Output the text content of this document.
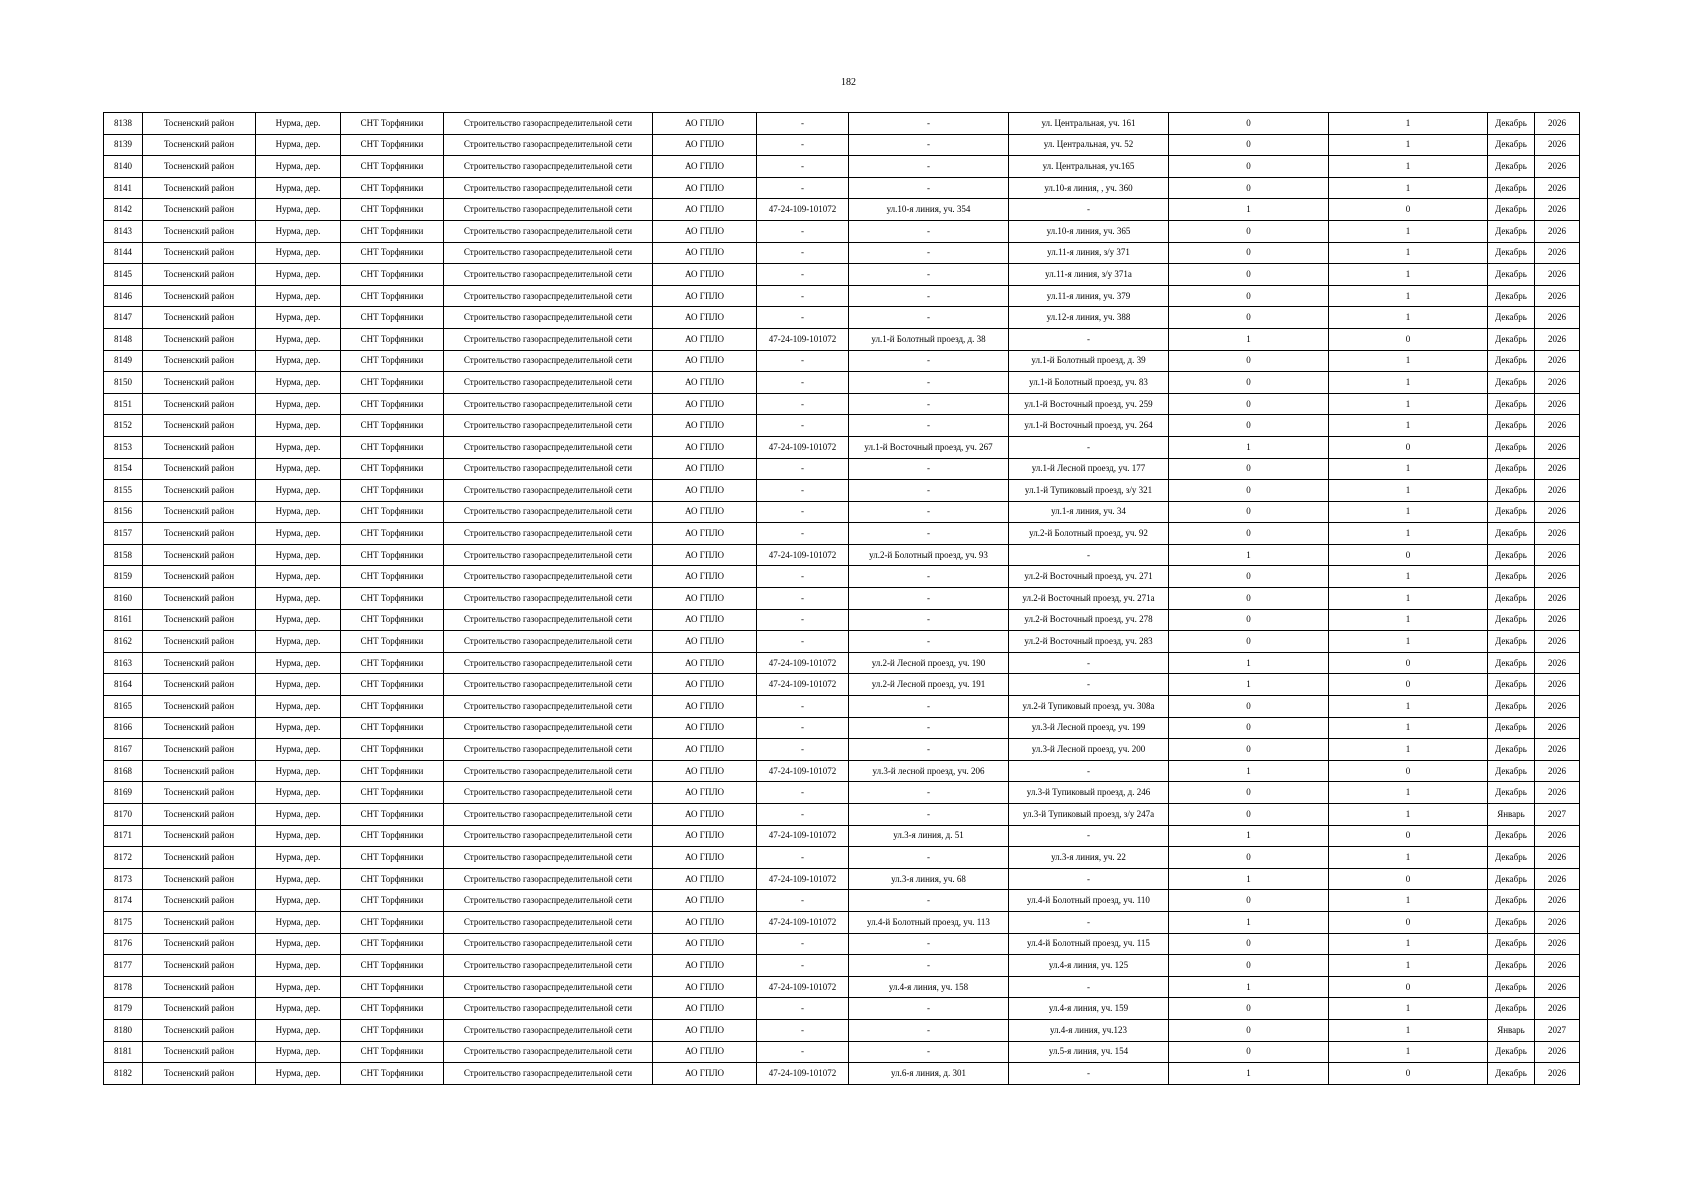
182
8138	Тосненский район	Нурма, дер.	СНТ Торфяники	Строительство газораспределительной сети	АО ГПЛО	-	-	ул. Центральная, уч. 161	0	1	Декабрь	2026
8139	Тосненский район	Нурма, дер.	СНТ Торфяники	Строительство газораспределительной сети	АО ГПЛО	-	-	ул. Центральная, уч. 52	0	1	Декабрь	2026
8140	Тосненский район	Нурма, дер.	СНТ Торфяники	Строительство газораспределительной сети	АО ГПЛО	-	-	ул. Центральная, уч.165	0	1	Декабрь	2026
8141	Тосненский район	Нурма, дер.	СНТ Торфяники	Строительство газораспределительной сети	АО ГПЛО	-	-	ул.10-я линия, , уч. 360	0	1	Декабрь	2026
8142	Тосненский район	Нурма, дер.	СНТ Торфяники	Строительство газораспределительной сети	АО ГПЛО	47-24-109-101072	ул.10-я линия, уч. 354	-	1	0	Декабрь	2026
8143	Тосненский район	Нурма, дер.	СНТ Торфяники	Строительство газораспределительной сети	АО ГПЛО	-	-	ул.10-я линия, уч. 365	0	1	Декабрь	2026
8144	Тосненский район	Нурма, дер.	СНТ Торфяники	Строительство газораспределительной сети	АО ГПЛО	-	-	ул.11-я линия, з/у 371	0	1	Декабрь	2026
8145	Тосненский район	Нурма, дер.	СНТ Торфяники	Строительство газораспределительной сети	АО ГПЛО	-	-	ул.11-я линия, з/у 371а	0	1	Декабрь	2026
8146	Тосненский район	Нурма, дер.	СНТ Торфяники	Строительство газораспределительной сети	АО ГПЛО	-	-	ул.11-я линия, уч. 379	0	1	Декабрь	2026
8147	Тосненский район	Нурма, дер.	СНТ Торфяники	Строительство газораспределительной сети	АО ГПЛО	-	-	ул.12-я линия, уч. 388	0	1	Декабрь	2026
8148	Тосненский район	Нурма, дер.	СНТ Торфяники	Строительство газораспределительной сети	АО ГПЛО	47-24-109-101072	ул.1-й Болотный проезд, д. 38	-	1	0	Декабрь	2026
8149	Тосненский район	Нурма, дер.	СНТ Торфяники	Строительство газораспределительной сети	АО ГПЛО	-	-	ул.1-й Болотный проезд, д. 39	0	1	Декабрь	2026
8150	Тосненский район	Нурма, дер.	СНТ Торфяники	Строительство газораспределительной сети	АО ГПЛО	-	-	ул.1-й Болотный проезд, уч. 83	0	1	Декабрь	2026
8151	Тосненский район	Нурма, дер.	СНТ Торфяники	Строительство газораспределительной сети	АО ГПЛО	-	-	ул.1-й Восточный проезд, уч. 259	0	1	Декабрь	2026
8152	Тосненский район	Нурма, дер.	СНТ Торфяники	Строительство газораспределительной сети	АО ГПЛО	-	-	ул.1-й Восточный проезд, уч. 264	0	1	Декабрь	2026
8153	Тосненский район	Нурма, дер.	СНТ Торфяники	Строительство газораспределительной сети	АО ГПЛО	47-24-109-101072	ул.1-й Восточный проезд, уч. 267	-	1	0	Декабрь	2026
8154	Тосненский район	Нурма, дер.	СНТ Торфяники	Строительство газораспределительной сети	АО ГПЛО	-	-	ул.1-й Лесной проезд, уч. 177	0	1	Декабрь	2026
8155	Тосненский район	Нурма, дер.	СНТ Торфяники	Строительство газораспределительной сети	АО ГПЛО	-	-	ул.1-й Тупиковый проезд, з/у 321	0	1	Декабрь	2026
8156	Тосненский район	Нурма, дер.	СНТ Торфяники	Строительство газораспределительной сети	АО ГПЛО	-	-	ул.1-я линия, уч. 34	0	1	Декабрь	2026
8157	Тосненский район	Нурма, дер.	СНТ Торфяники	Строительство газораспределительной сети	АО ГПЛО	-	-	ул.2-й Болотный проезд, уч. 92	0	1	Декабрь	2026
8158	Тосненский район	Нурма, дер.	СНТ Торфяники	Строительство газораспределительной сети	АО ГПЛО	47-24-109-101072	ул.2-й Болотный проезд, уч. 93	-	1	0	Декабрь	2026
8159	Тосненский район	Нурма, дер.	СНТ Торфяники	Строительство газораспределительной сети	АО ГПЛО	-	-	ул.2-й Восточный проезд, уч. 271	0	1	Декабрь	2026
8160	Тосненский район	Нурма, дер.	СНТ Торфяники	Строительство газораспределительной сети	АО ГПЛО	-	-	ул.2-й Восточный проезд, уч. 271а	0	1	Декабрь	2026
8161	Тосненский район	Нурма, дер.	СНТ Торфяники	Строительство газораспределительной сети	АО ГПЛО	-	-	ул.2-й Восточный проезд, уч. 278	0	1	Декабрь	2026
8162	Тосненский район	Нурма, дер.	СНТ Торфяники	Строительство газораспределительной сети	АО ГПЛО	-	-	ул.2-й Восточный проезд, уч. 283	0	1	Декабрь	2026
8163	Тосненский район	Нурма, дер.	СНТ Торфяники	Строительство газораспределительной сети	АО ГПЛО	47-24-109-101072	ул.2-й Лесной проезд, уч. 190	-	1	0	Декабрь	2026
8164	Тосненский район	Нурма, дер.	СНТ Торфяники	Строительство газораспределительной сети	АО ГПЛО	47-24-109-101072	ул.2-й Лесной проезд, уч. 191	-	1	0	Декабрь	2026
8165	Тосненский район	Нурма, дер.	СНТ Торфяники	Строительство газораспределительной сети	АО ГПЛО	-	-	ул.2-й Тупиковый проезд, уч. 308а	0	1	Декабрь	2026
8166	Тосненский район	Нурма, дер.	СНТ Торфяники	Строительство газораспределительной сети	АО ГПЛО	-	-	ул.3-й Лесной проезд, уч. 199	0	1	Декабрь	2026
8167	Тосненский район	Нурма, дер.	СНТ Торфяники	Строительство газораспределительной сети	АО ГПЛО	-	-	ул.3-й Лесной проезд, уч. 200	0	1	Декабрь	2026
8168	Тосненский район	Нурма, дер.	СНТ Торфяники	Строительство газораспределительной сети	АО ГПЛО	47-24-109-101072	ул.3-й лесной проезд, уч. 206	-	1	0	Декабрь	2026
8169	Тосненский район	Нурма, дер.	СНТ Торфяники	Строительство газораспределительной сети	АО ГПЛО	-	-	ул.3-й Тупиковый проезд, д. 246	0	1	Декабрь	2026
8170	Тосненский район	Нурма, дер.	СНТ Торфяники	Строительство газораспределительной сети	АО ГПЛО	-	-	ул.3-й Тупиковый проезд, з/у 247а	0	1	Январь	2027
8171	Тосненский район	Нурма, дер.	СНТ Торфяники	Строительство газораспределительной сети	АО ГПЛО	47-24-109-101072	ул.3-я линия, д. 51	-	1	0	Декабрь	2026
8172	Тосненский район	Нурма, дер.	СНТ Торфяники	Строительство газораспределительной сети	АО ГПЛО	-	-	ул.3-я линия, уч. 22	0	1	Декабрь	2026
8173	Тосненский район	Нурма, дер.	СНТ Торфяники	Строительство газораспределительной сети	АО ГПЛО	47-24-109-101072	ул.3-я линия, уч. 68	-	1	0	Декабрь	2026
8174	Тосненский район	Нурма, дер.	СНТ Торфяники	Строительство газораспределительной сети	АО ГПЛО	-	-	ул.4-й Болотный проезд, уч. 110	0	1	Декабрь	2026
8175	Тосненский район	Нурма, дер.	СНТ Торфяники	Строительство газораспределительной сети	АО ГПЛО	47-24-109-101072	ул.4-й Болотный проезд, уч. 113	-	1	0	Декабрь	2026
8176	Тосненский район	Нурма, дер.	СНТ Торфяники	Строительство газораспределительной сети	АО ГПЛО	-	-	ул.4-й Болотный проезд, уч. 115	0	1	Декабрь	2026
8177	Тосненский район	Нурма, дер.	СНТ Торфяники	Строительство газораспределительной сети	АО ГПЛО	-	-	ул.4-я линия, уч. 125	0	1	Декабрь	2026
8178	Тосненский район	Нурма, дер.	СНТ Торфяники	Строительство газораспределительной сети	АО ГПЛО	47-24-109-101072	ул.4-я линия, уч. 158	-	1	0	Декабрь	2026
8179	Тосненский район	Нурма, дер.	СНТ Торфяники	Строительство газораспределительной сети	АО ГПЛО	-	-	ул.4-я линия, уч. 159	0	1	Декабрь	2026
8180	Тосненский район	Нурма, дер.	СНТ Торфяники	Строительство газораспределительной сети	АО ГПЛО	-	-	ул.4-я линия, уч.123	0	1	Январь	2027
8181	Тосненский район	Нурма, дер.	СНТ Торфяники	Строительство газораспределительной сети	АО ГПЛО	-	-	ул.5-я линия, уч. 154	0	1	Декабрь	2026
8182	Тосненский район	Нурма, дер.	СНТ Торфяники	Строительство газораспределительной сети	АО ГПЛО	47-24-109-101072	ул.6-я линия, д. 301	-	1	0	Декабрь	2026
